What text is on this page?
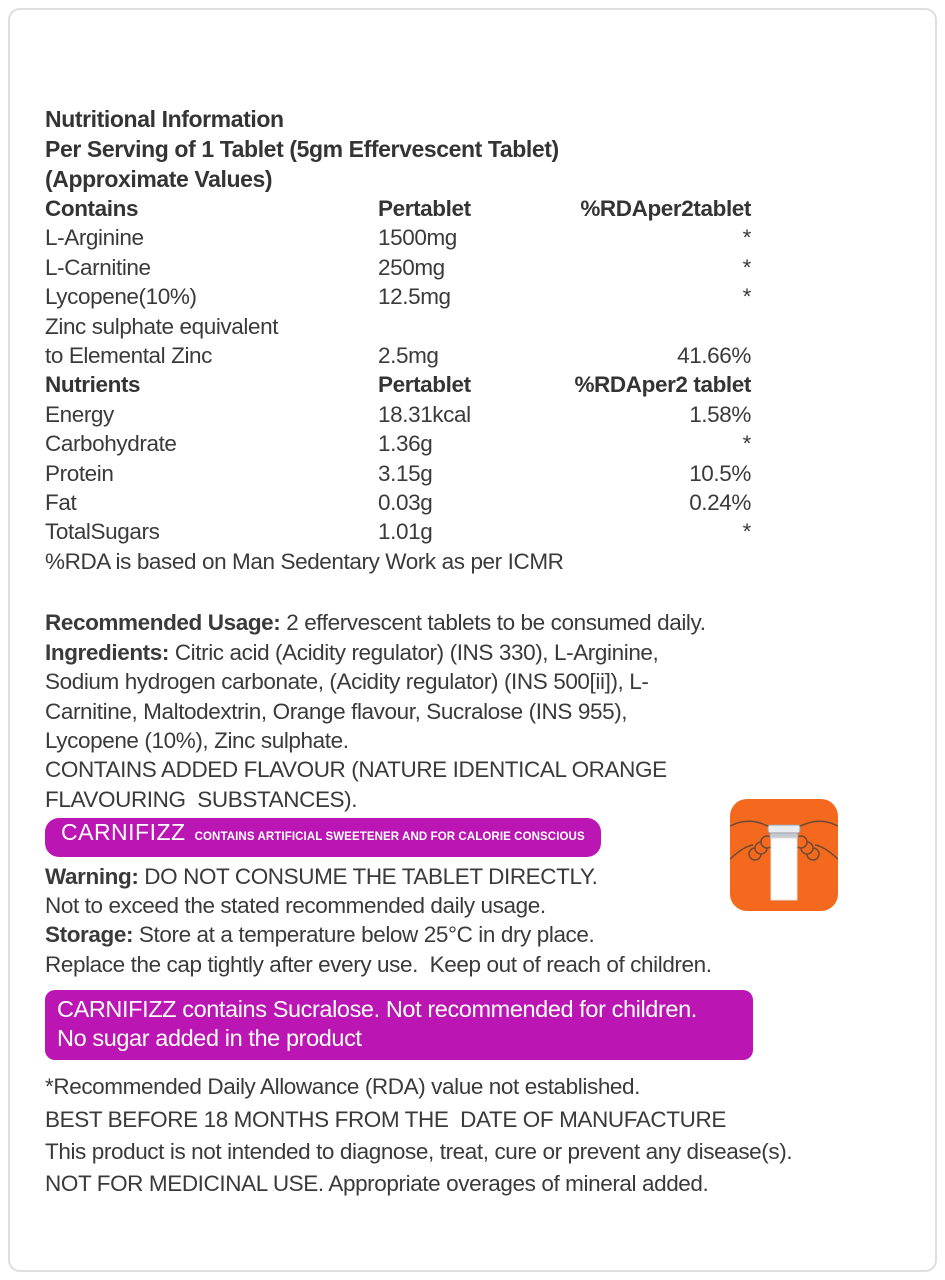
Nutritional Information
Per Serving of 1 Tablet (5gm Effervescent Tablet)
(Approximate Values)
Contains	Pertablet	%RDAper2tablet
L-Arginine	1500mg	*
L-Carnitine	250mg	*
Lycopene(10%)	12.5mg	*
Zinc sulphate equivalent
to Elemental Zinc	2.5mg	41.66%
Nutrients	Pertablet	%RDAper2 tablet
Energy	18.31kcal	1.58%
Carbohydrate	1.36g	*
Protein	3.15g	10.5%
Fat	0.03g	0.24%
TotalSugars	1.01g	*
%RDA is based on Man Sedentary Work as per ICMR
Recommended Usage: 2 effervescent tablets to be consumed daily.
Ingredients: Citric acid (Acidity regulator) (INS 330), L-Arginine,
Sodium hydrogen carbonate, (Acidity regulator) (INS 500[ii]), L-
Carnitine, Maltodextrin, Orange flavour, Sucralose (INS 955),
Lycopene (10%), Zinc sulphate.
CONTAINS ADDED FLAVOUR (NATURE IDENTICAL ORANGE
FLAVOURING  SUBSTANCES).
CARNIFIZZ CONTAINS ARTIFICIAL SWEETENER AND FOR CALORIE CONSCIOUS
Warning: DO NOT CONSUME THE TABLET DIRECTLY.
Not to exceed the stated recommended daily usage.
Storage: Store at a temperature below 25°C in dry place.
Replace the cap tightly after every use.  Keep out of reach of children.
CARNIFIZZ contains Sucralose. Not recommended for children.
No sugar added in the product
*Recommended Daily Allowance (RDA) value not established.
BEST BEFORE 18 MONTHS FROM THE  DATE OF MANUFACTURE
This product is not intended to diagnose, treat, cure or prevent any disease(s).
NOT FOR MEDICINAL USE. Appropriate overages of mineral added.
